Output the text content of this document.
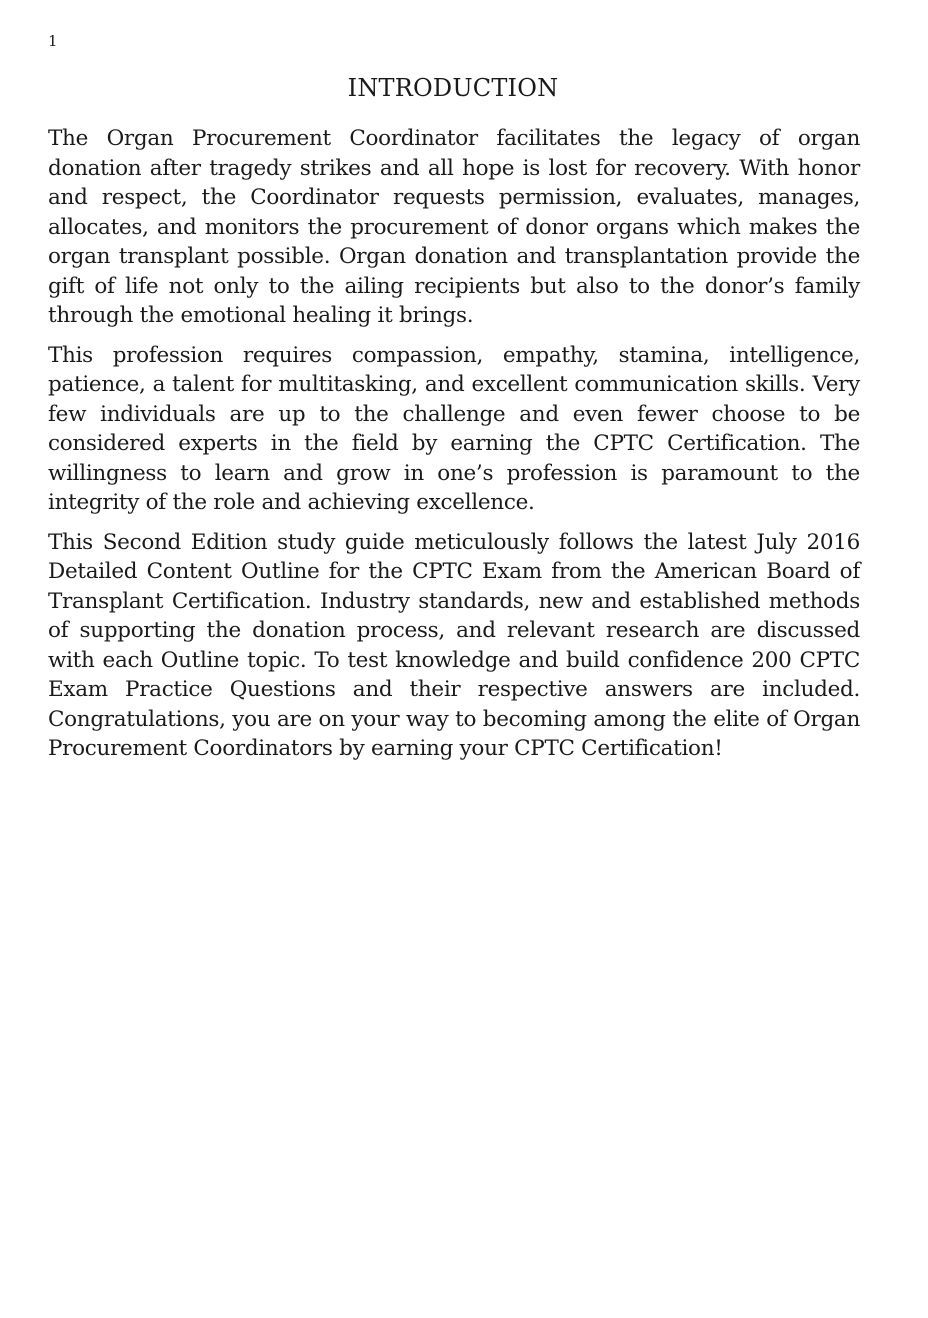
1
INTRODUCTION

The Organ Procurement Coordinator facilitates the legacy of organ donation after tragedy strikes and all hope is lost for recovery. With honor and respect, the Coordinator requests permission, evaluates, manages, allocates, and monitors the procurement of donor organs which makes the organ transplant possible. Organ donation and transplantation provide the gift of life not only to the ailing recipients but also to the donor’s family through the emotional healing it brings.

This profession requires compassion, empathy, stamina, intelligence, patience, a talent for multitasking, and excellent communication skills. Very few individuals are up to the challenge and even fewer choose to be considered experts in the field by earning the CPTC Certification. The willingness to learn and grow in one’s profession is paramount to the integrity of the role and achieving excellence.

This Second Edition study guide meticulously follows the latest July 2016 Detailed Content Outline for the CPTC Exam from the American Board of Transplant Certification. Industry standards, new and established methods of supporting the donation process, and relevant research are discussed with each Outline topic. To test knowledge and build confidence 200 CPTC Exam Practice Questions and their respective answers are included. Congratulations, you are on your way to becoming among the elite of Organ Procurement Coordinators by earning your CPTC Certification!
